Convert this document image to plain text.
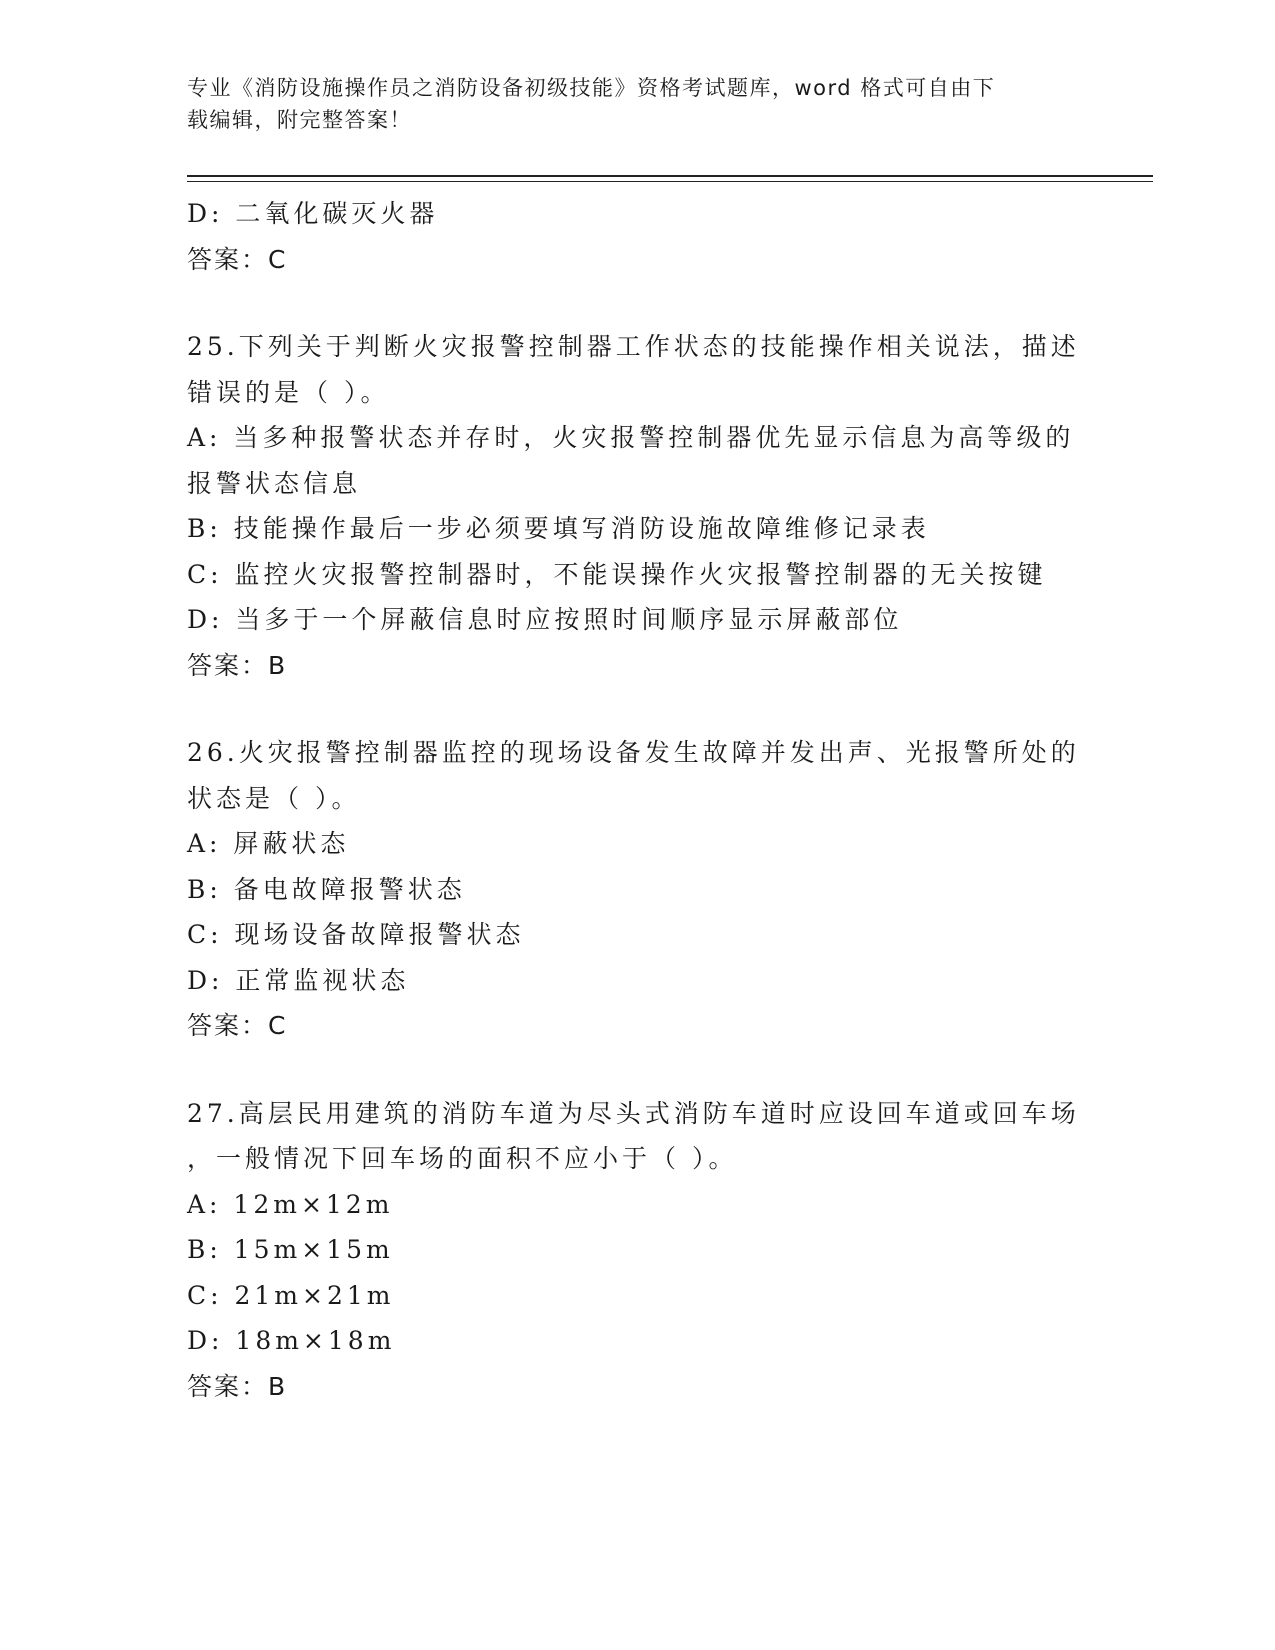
专业《消防设施操作员之消防设备初级技能》资格考试题库，word 格式可自由下
载编辑，附完整答案！
D: 二氧化碳灭火器
答案：C
25.下列关于判断火灾报警控制器工作状态的技能操作相关说法，描述
错误的是（ ）。
A: 当多种报警状态并存时，火灾报警控制器优先显示信息为高等级的
报警状态信息
B: 技能操作最后一步必须要填写消防设施故障维修记录表
C: 监控火灾报警控制器时，不能误操作火灾报警控制器的无关按键
D: 当多于一个屏蔽信息时应按照时间顺序显示屏蔽部位
答案：B
26.火灾报警控制器监控的现场设备发生故障并发出声、光报警所处的
状态是（ ）。
A: 屏蔽状态
B: 备电故障报警状态
C: 现场设备故障报警状态
D: 正常监视状态
答案：C
27.高层民用建筑的消防车道为尽头式消防车道时应设回车道或回车场
，一般情况下回车场的面积不应小于（ ）。
A: 12m×12m
B: 15m×15m
C: 21m×21m
D: 18m×18m
答案：B
